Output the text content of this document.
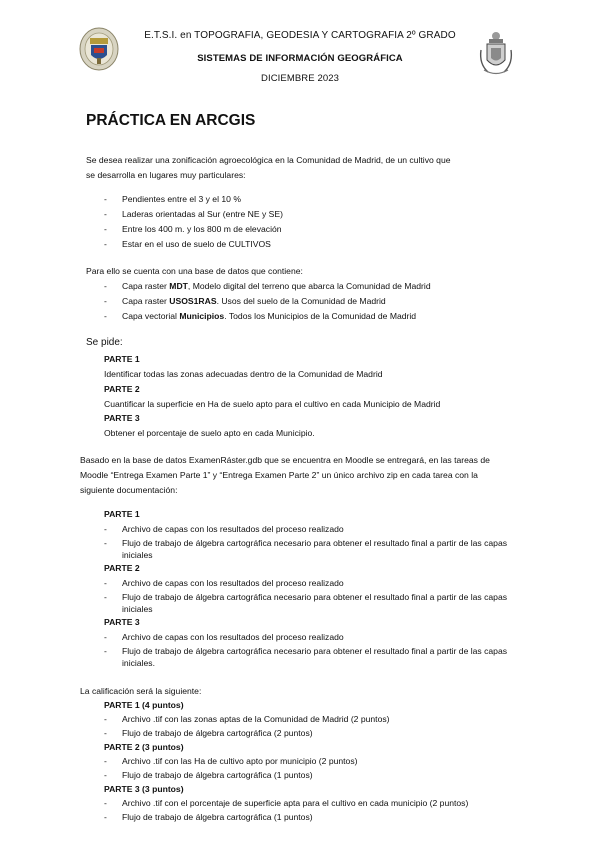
E.T.S.I. en TOPOGRAFIA, GEODESIA Y CARTOGRAFIA 2º GRADO
SISTEMAS DE INFORMACIÓN GEOGRÁFICA
DICIEMBRE 2023
PRÁCTICA EN ARCGIS
Se desea realizar una zonificación agroecológica en la Comunidad de Madrid, de un cultivo que
se desarrolla en lugares muy particulares:
- Pendientes entre el 3 y el 10 %
- Laderas orientadas al Sur (entre NE y SE)
- Entre los 400 m. y los 800 m de elevación
- Estar en el uso de suelo de CULTIVOS
Para ello se cuenta con una base de datos que contiene:
- Capa raster MDT, Modelo digital del terreno que abarca la Comunidad de Madrid
- Capa raster USOS1RAS. Usos del suelo de la Comunidad de Madrid
- Capa vectorial Municipios. Todos los Municipios de la Comunidad de Madrid
Se pide:
PARTE 1
Identificar todas las zonas adecuadas dentro de la Comunidad de Madrid
PARTE 2
Cuantificar la superficie en Ha de suelo apto para el cultivo en cada Municipio de Madrid
PARTE 3
Obtener el porcentaje de suelo apto en cada Municipio.
Basado en la base de datos ExamenRáster.gdb que se encuentra en Moodle se entregará, en las tareas de
Moodle “Entrega Examen Parte 1” y “Entrega Examen Parte 2” un único archivo zip en cada tarea con la
siguiente documentación:
PARTE 1
- Archivo de capas con los resultados del proceso realizado
- Flujo de trabajo de álgebra cartográfica necesario para obtener el resultado final a partir de las capas
iniciales
PARTE 2
- Archivo de capas con los resultados del proceso realizado
- Flujo de trabajo de álgebra cartográfica necesario para obtener el resultado final a partir de las capas
iniciales
PARTE 3
- Archivo de capas con los resultados del proceso realizado
- Flujo de trabajo de álgebra cartográfica necesario para obtener el resultado final a partir de las capas
iniciales.
La calificación será la siguiente:
PARTE 1 (4 puntos)
- Archivo .tif con las zonas aptas de la Comunidad de Madrid (2 puntos)
- Flujo de trabajo de álgebra cartográfica (2 puntos)
PARTE 2 (3 puntos)
- Archivo .tif con las Ha de cultivo apto por municipio (2 puntos)
- Flujo de trabajo de álgebra cartográfica (1 puntos)
PARTE 3 (3 puntos)
- Archivo .tif con el porcentaje de superficie apta para el cultivo en cada municipio (2 puntos)
- Flujo de trabajo de álgebra cartográfica (1 puntos)
